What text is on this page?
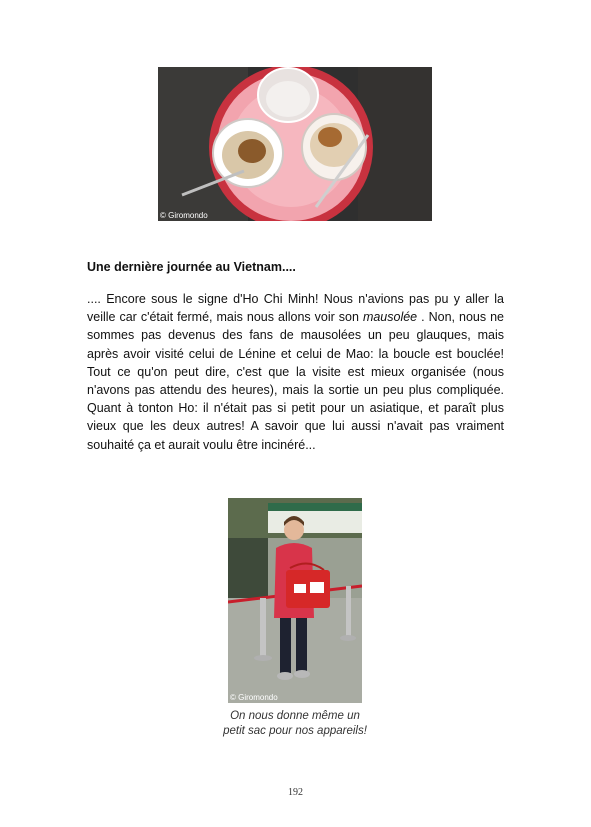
© Giromondo
Une dernière journée au Vietnam....

.... Encore sous le signe d'Ho Chi Minh! Nous n'avions pas pu y aller la veille car c'était fermé, mais nous allons voir son mausolée . Non, nous ne sommes pas devenus des fans de mausolées un peu glauques, mais après avoir visité celui de Lénine et celui de Mao: la boucle est bouclée! Tout ce qu'on peut dire, c'est que la visite est mieux organisée (nous n'avons pas attendu des heures), mais la sortie un peu plus compliquée. Quant à tonton Ho: il n'était pas si petit pour un asiatique, et paraît plus vieux que les deux autres! A savoir que lui aussi n'avait pas vraiment souhaité ça et aurait voulu être incinéré...

© Giromondo

On nous donne même un petit sac pour nos appareils!

192
